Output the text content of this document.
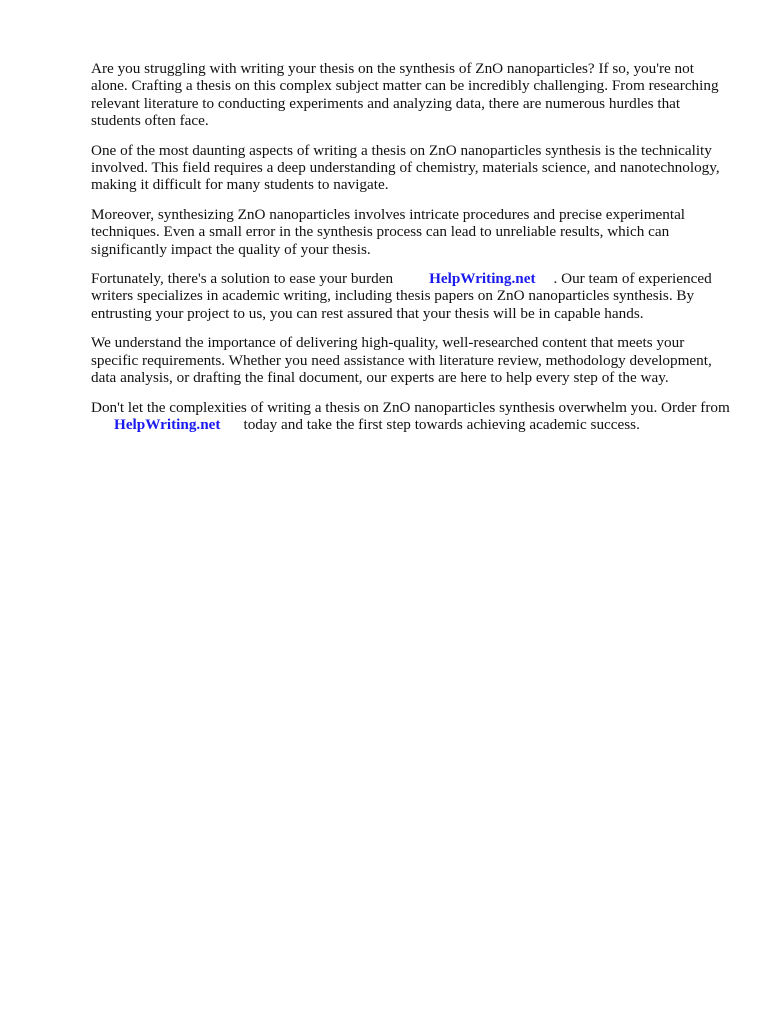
Are you struggling with writing your thesis on the synthesis of ZnO nanoparticles? If so, you're not alone. Crafting a thesis on this complex subject matter can be incredibly challenging. From researching relevant literature to conducting experiments and analyzing data, there are numerous hurdles that students often face.

One of the most daunting aspects of writing a thesis on ZnO nanoparticles synthesis is the technicality involved. This field requires a deep understanding of chemistry, materials science, and nanotechnology, making it difficult for many students to navigate.

Moreover, synthesizing ZnO nanoparticles involves intricate procedures and precise experimental techniques. Even a small error in the synthesis process can lead to unreliable results, which can significantly impact the quality of your thesis.

Fortunately, there's a solution to ease your burden HelpWriting.net . Our team of experienced writers specializes in academic writing, including thesis papers on ZnO nanoparticles synthesis. By entrusting your project to us, you can rest assured that your thesis will be in capable hands.

We understand the importance of delivering high-quality, well-researched content that meets your specific requirements. Whether you need assistance with literature review, methodology development, data analysis, or drafting the final document, our experts are here to help every step of the way.

Don't let the complexities of writing a thesis on ZnO nanoparticles synthesis overwhelm you. Order fromHelpWriting.net today and take the first step towards achieving academic success.
